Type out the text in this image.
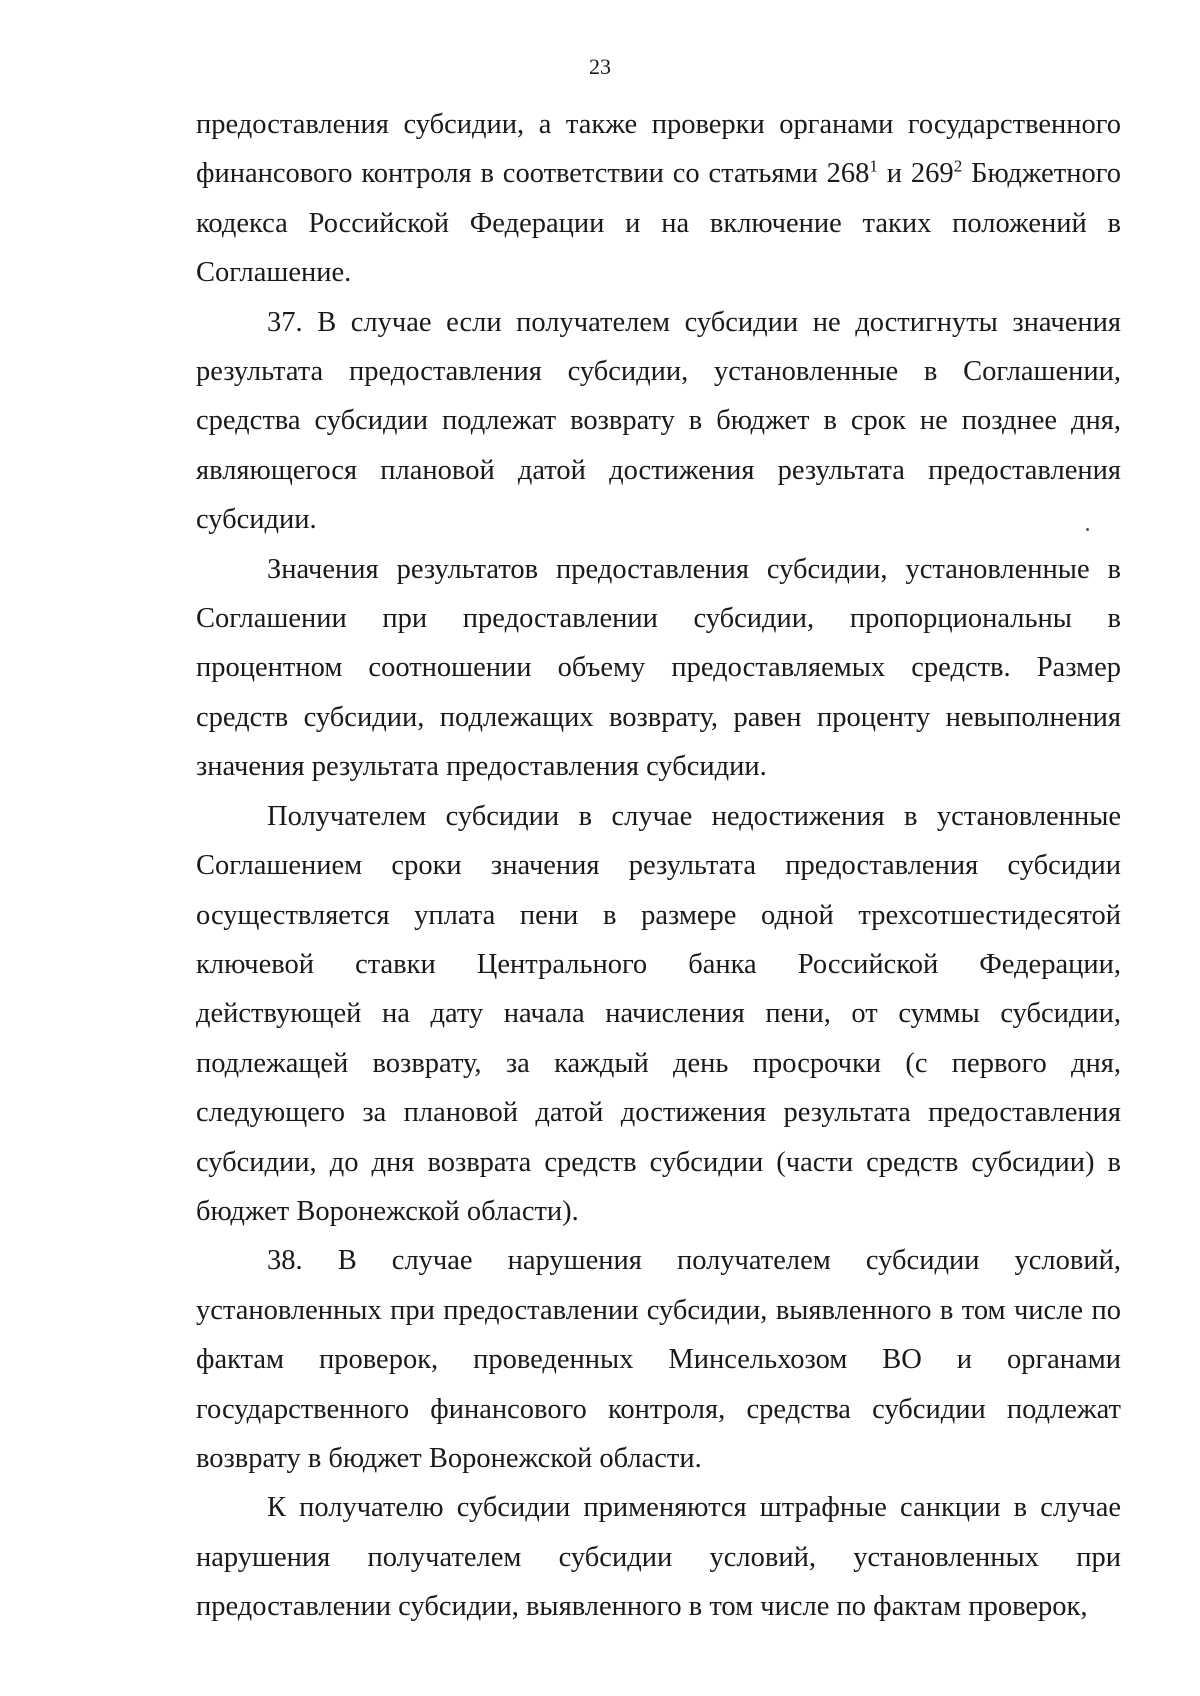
23

предоставления субсидии, а также проверки органами государственного финансового контроля в соответствии со статьями $268^1$ и $269^2$ Бюджетного кодекса Российской Федерации и на включение таких положений в Соглашение.

37. В случае если получателем субсидии не достигнуты значения результата предоставления субсидии, установленные в Соглашении, средства субсидии подлежат возврату в бюджет в срок не позднее дня, являющегося плановой датой достижения результата предоставления субсидии.

Значения результатов предоставления субсидии, установленные в Соглашении при предоставлении субсидии, пропорциональны в процентном соотношении объему предоставляемых средств. Размер средств субсидии, подлежащих возврату, равен проценту невыполнения значения результата предоставления субсидии.

Получателем субсидии в случае недостижения в установленные Соглашением сроки значения результата предоставления субсидии осуществляется уплата пени в размере одной трехсотшестидесятой ключевой ставки Центрального банка Российской Федерации, действующей на дату начала начисления пени, от суммы субсидии, подлежащей возврату, за каждый день просрочки (с первого дня, следующего за плановой датой достижения результата предоставления субсидии, до дня возврата средств субсидии (части средств субсидии) в бюджет Воронежской области).

38. В случае нарушения получателем субсидии условий, установленных при предоставлении субсидии, выявленного в том числе по фактам проверок, проведенных Минсельхозом ВО и органами государственного финансового контроля, средства субсидии подлежат возврату в бюджет Воронежской области.

К получателю субсидии применяются штрафные санкции в случае нарушения получателем субсидии условий, установленных при предоставлении субсидии, выявленного в том числе по фактам проверок,
